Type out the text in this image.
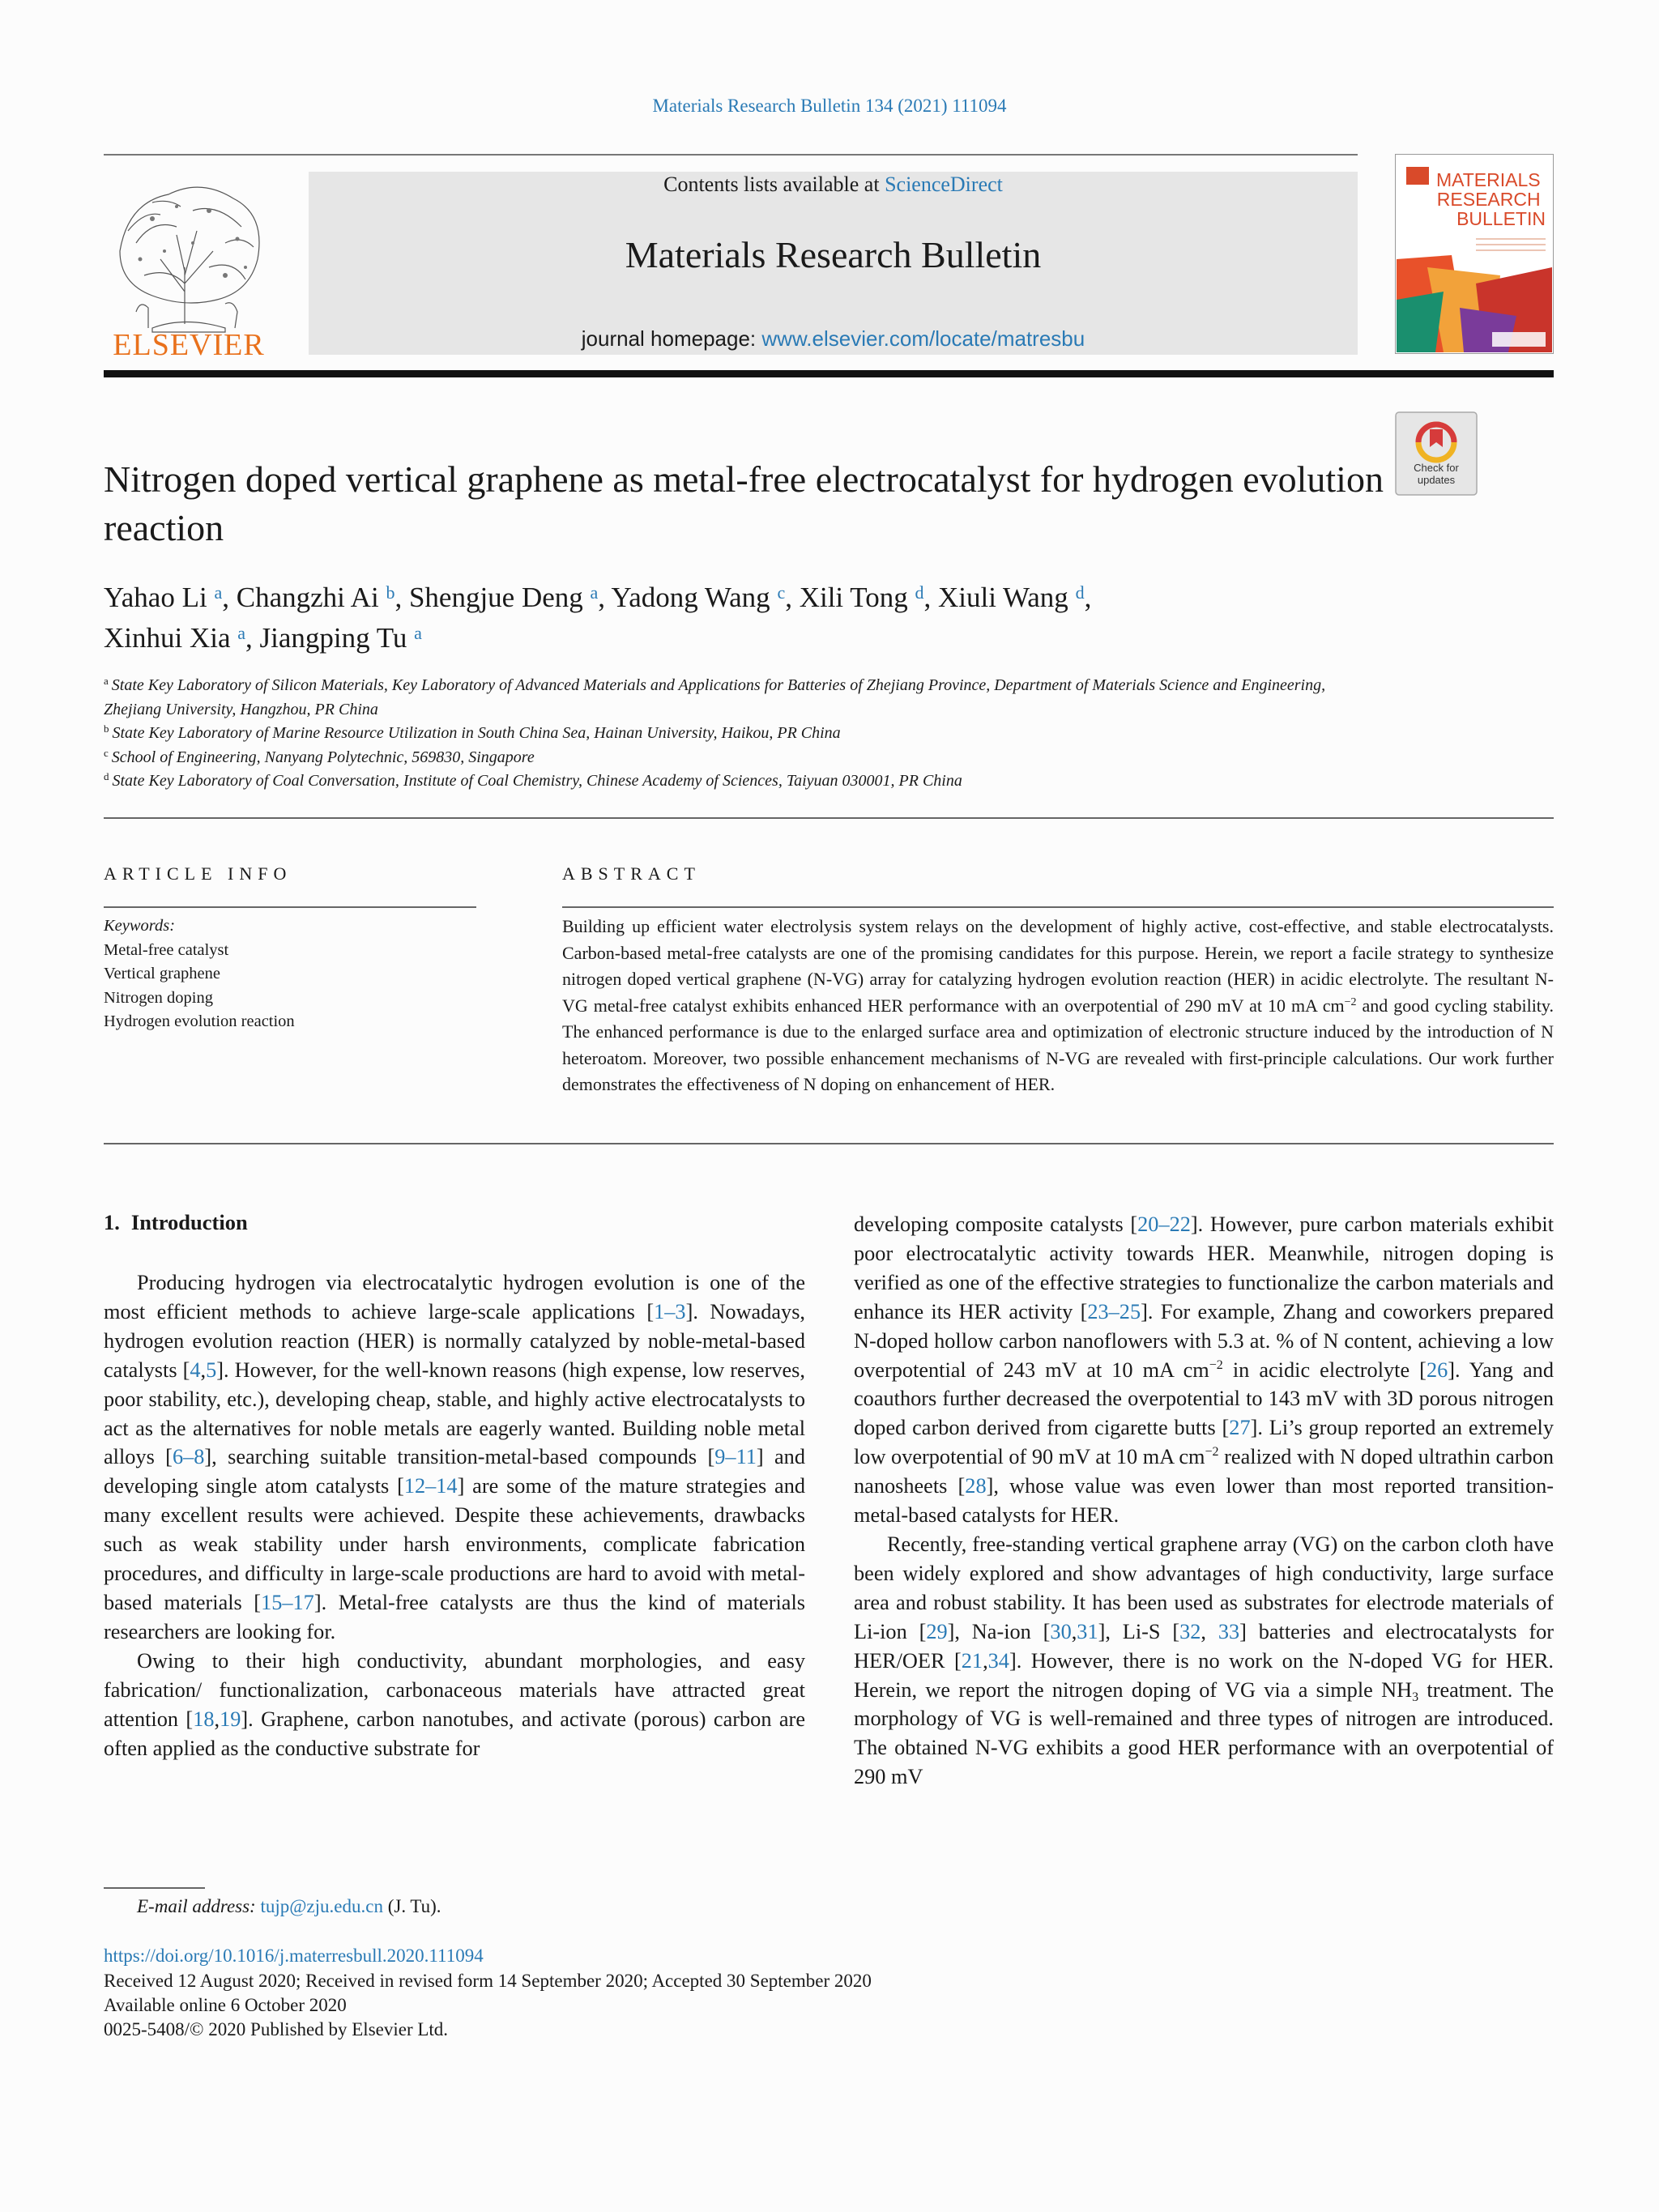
Materials Research Bulletin 134 (2021) 111094
ELSEVIER
Contents lists available at ScienceDirect
Materials Research Bulletin
journal homepage: www.elsevier.com/locate/matresbu
MATERIALS RESEARCH BULLETIN
Nitrogen doped vertical graphene as metal-free electrocatalyst for hydrogen evolution reaction
Check for updates
Yahao Li $^a$, Changzhi Ai $^b$, Shengjue Deng $^a$, Yadong Wang $^c$, Xili Tong $^d$, Xiuli Wang $^d$,
Xinhui Xia $^a$, Jiangping Tu $^a$
$^a$ State Key Laboratory of Silicon Materials, Key Laboratory of Advanced Materials and Applications for Batteries of Zhejiang Province, Department of Materials Science and Engineering, Zhejiang University, Hangzhou, PR China
$^b$ State Key Laboratory of Marine Resource Utilization in South China Sea, Hainan University, Haikou, PR China
$^c$ School of Engineering, Nanyang Polytechnic, 569830, Singapore
$^d$ State Key Laboratory of Coal Conversation, Institute of Coal Chemistry, Chinese Academy of Sciences, Taiyuan 030001, PR China
ARTICLE INFO
Keywords:
Metal-free catalyst
Vertical graphene
Nitrogen doping
Hydrogen evolution reaction
ABSTRACT
Building up efficient water electrolysis system relays on the development of highly active, cost-effective, and stable electrocatalysts. Carbon-based metal-free catalysts are one of the promising candidates for this purpose. Herein, we report a facile strategy to synthesize nitrogen doped vertical graphene (N-VG) array for catalyzing hydrogen evolution reaction (HER) in acidic electrolyte. The resultant N-VG metal-free catalyst exhibits enhanced HER performance with an overpotential of 290 mV at 10 mA $cm^{-2}$ and good cycling stability. The enhanced performance is due to the enlarged surface area and optimization of electronic structure induced by the introduction of N heteroatom. Moreover, two possible enhancement mechanisms of N-VG are revealed with first-principle calculations. Our work further demonstrates the effectiveness of N doping on enhancement of HER.
1. Introduction

Producing hydrogen via electrocatalytic hydrogen evolution is one of the most efficient methods to achieve large-scale applications [1–3]. Nowadays, hydrogen evolution reaction (HER) is normally catalyzed by noble-metal-based catalysts [4,5]. However, for the well-known reasons (high expense, low reserves, poor stability, etc.), developing cheap, stable, and highly active electrocatalysts to act as the alternatives for noble metals are eagerly wanted. Building noble metal alloys [6–8], searching suitable transition-metal-based compounds [9–11] and developing single atom catalysts [12–14] are some of the mature strategies and many excellent results were achieved. Despite these achievements, drawbacks such as weak stability under harsh environments, complicate fabrication procedures, and difficulty in large-scale productions are hard to avoid with metal-based materials [15–17]. Metal-free catalysts are thus the kind of materials researchers are looking for.

Owing to their high conductivity, abundant morphologies, and easy fabrication/ functionalization, carbonaceous materials have attracted great attention [18,19]. Graphene, carbon nanotubes, and activate (porous) carbon are often applied as the conductive substrate for

developing composite catalysts [20–22]. However, pure carbon materials exhibit poor electrocatalytic activity towards HER. Meanwhile, nitrogen doping is verified as one of the effective strategies to functionalize the carbon materials and enhance its HER activity [23–25]. For example, Zhang and coworkers prepared N-doped hollow carbon nanoflowers with 5.3 at. % of N content, achieving a low overpotential of 243 mV at 10 mA $cm^{-2}$ in acidic electrolyte [26]. Yang and coauthors further decreased the overpotential to 143 mV with 3D porous nitrogen doped carbon derived from cigarette butts [27]. Li’s group reported an extremely low overpotential of 90 mV at 10 mA $cm^{-2}$ realized with N doped ultrathin carbon nanosheets [28], whose value was even lower than most reported transition-metal-based catalysts for HER.

Recently, free-standing vertical graphene array (VG) on the carbon cloth have been widely explored and show advantages of high conductivity, large surface area and robust stability. It has been used as substrates for electrode materials of Li-ion [29], Na-ion [30,31], Li-S [32, 33] batteries and electrocatalysts for HER/OER [21,34]. However, there is no work on the N-doped VG for HER. Herein, we report the nitrogen doping of VG via a simple $NH_3$ treatment. The morphology of VG is well-remained and three types of nitrogen are introduced. The obtained N-VG exhibits a good HER performance with an overpotential of 290 mV

E-mail address: tujp@zju.edu.cn (J. Tu).
https://doi.org/10.1016/j.materresbull.2020.111094
Received 12 August 2020; Received in revised form 14 September 2020; Accepted 30 September 2020
Available online 6 October 2020
0025-5408/© 2020 Published by Elsevier Ltd.
